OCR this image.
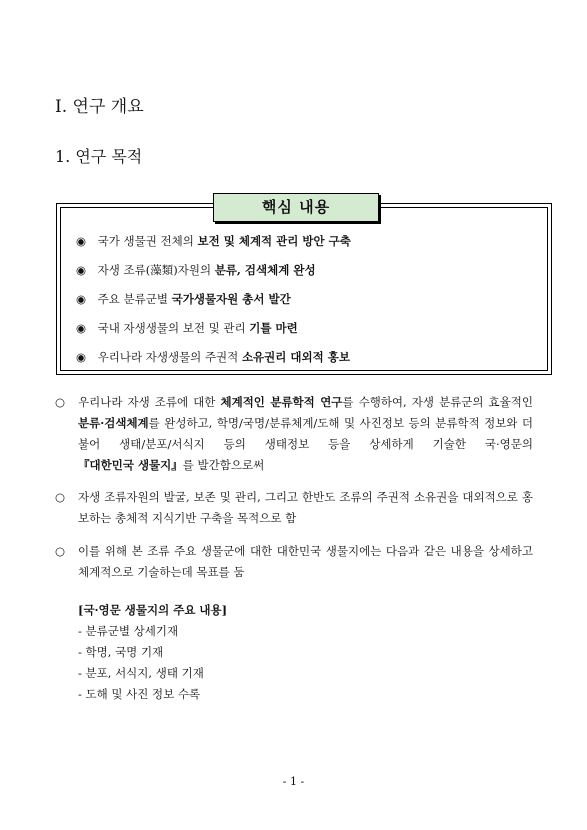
I. 연구 개요
1. 연구 목적
핵심 내용
◉ 국가 생물권 전체의 보전 및 체계적 관리 방안 구축
◉ 자생 조류(藻類)자원의 분류, 검색체계 완성
◉ 주요 분류군별 국가생물자원 총서 발간
◉ 국내 자생생물의 보전 및 관리 기틀 마련
◉ 우리나라 자생생물의 주권적 소유권리 대외적 홍보
○ 우리나라 자생 조류에 대한 체계적인 분류학적 연구를 수행하여, 자생 분류군의 효율적인 분류·검색체계를 완성하고, 학명/국명/분류체계/도해 및 사진정보 등의 분류학적 정보와 더불어 생태/분포/서식지 등의 생태정보 등을 상세하게 기술한 국·영문의 『대한민국 생물지』를 발간함으로써
○ 자생 조류자원의 발굴, 보존 및 관리, 그리고 한반도 조류의 주권적 소유권을 대외적으로 홍보하는 총체적 지식기반 구축을 목적으로 함
○ 이를 위해 본 조류 주요 생물군에 대한 대한민국 생물지에는 다음과 같은 내용을 상세하고 체계적으로 기술하는데 목표를 둠
[국·영문 생물지의 주요 내용]
- 분류군별 상세기재
- 학명, 국명 기재
- 분포, 서식지, 생태 기재
- 도해 및 사진 정보 수록
- 1 -
